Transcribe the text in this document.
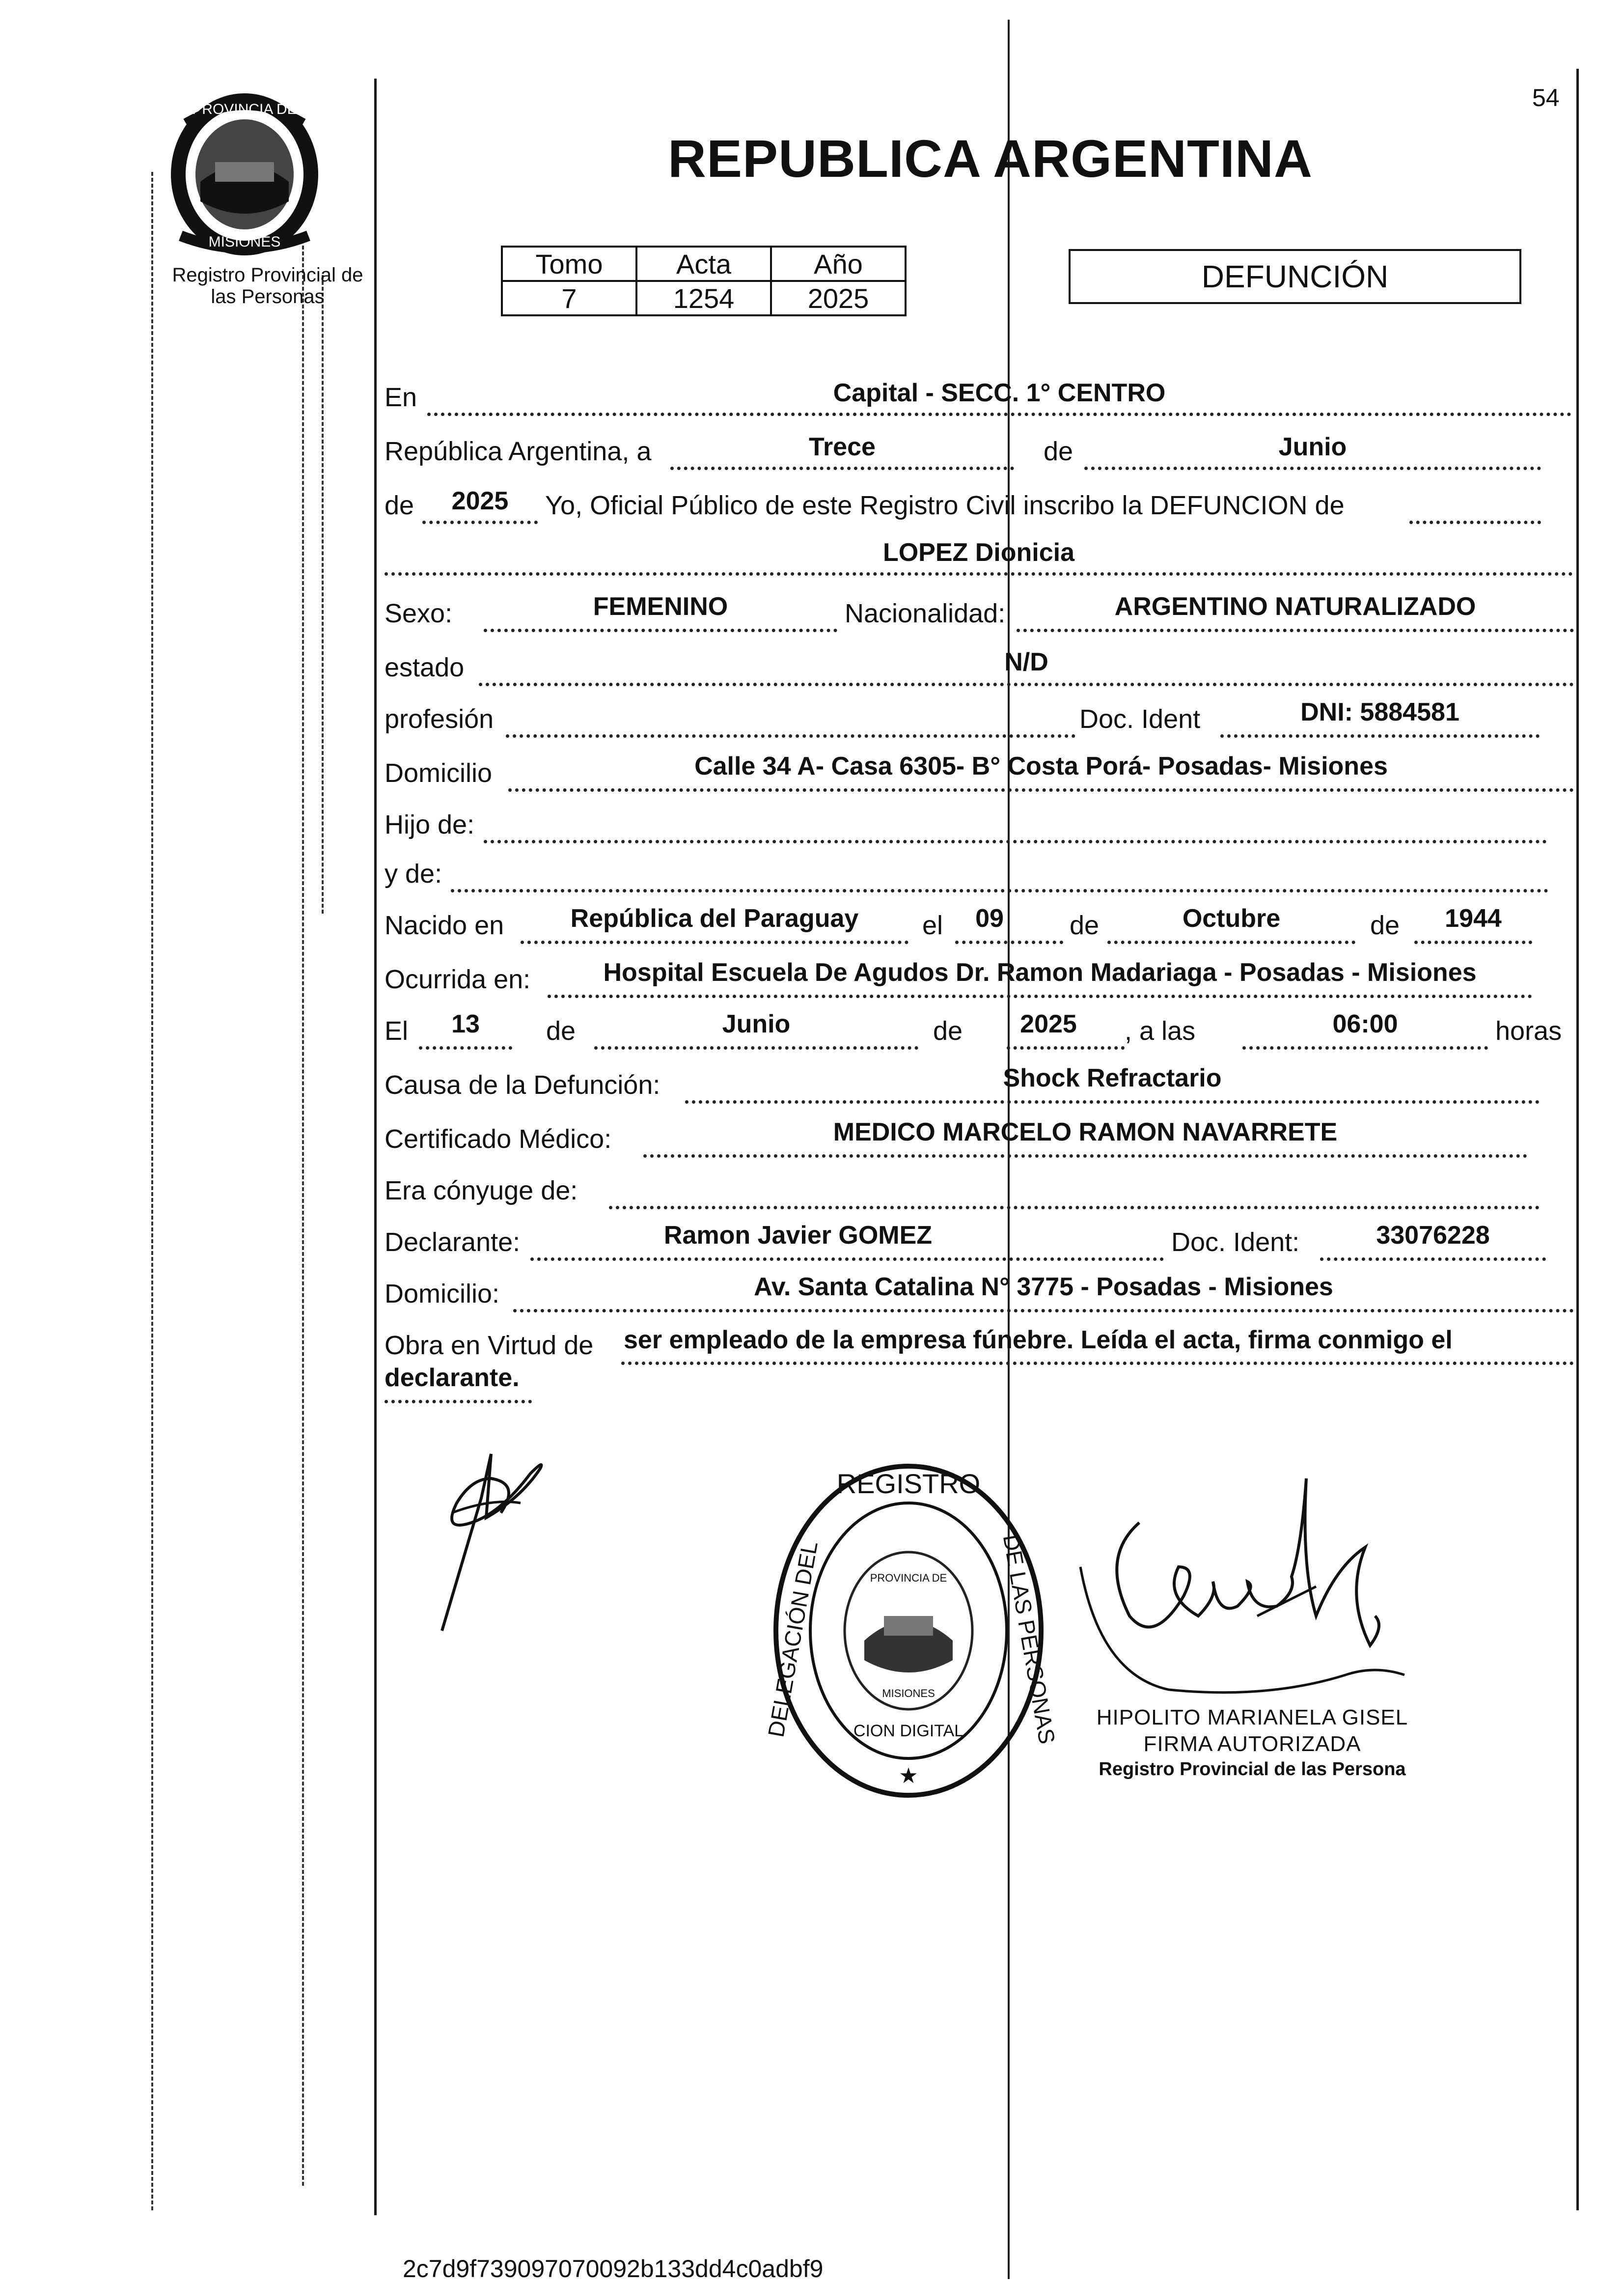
PROVINCIA DE
MISIONES
Registro Provincial de
las Personas
54
REPUBLICA ARGENTINA
Tomo	Acta	Año
7	1254	2025
DEFUNCIÓN
En	Capital - SECC. 1° CENTRO
República Argentina, a	Trece	de	Junio
de	2025	Yo, Oficial Público de este Registro Civil inscribo la DEFUNCION de
LOPEZ Dionicia
Sexo:	FEMENINO	Nacionalidad:	ARGENTINO NATURALIZADO
estado	N/D
profesión	Doc. Ident	DNI: 5884581
Domicilio	Calle 34 A- Casa 6305- B° Costa Porá- Posadas- Misiones
Hijo de:
y de:
Nacido en	República del Paraguay	el	09	de	Octubre	de	1944
Ocurrida en:	Hospital Escuela De Agudos Dr. Ramon Madariaga - Posadas - Misiones
El	13	de	Junio	de	2025	, a las	06:00	horas
Causa de la Defunción:	Shock Refractario
Certificado Médico:	MEDICO MARCELO RAMON NAVARRETE
Era cónyuge de:
Declarante:	Ramon Javier GOMEZ	Doc. Ident:	33076228
Domicilio:	Av. Santa Catalina N° 3775 - Posadas - Misiones
Obra en Virtud de ser empleado de la empresa fúnebre. Leída el acta, firma conmigo el
declarante.
REGISTRO
DELEGACIÓN DEL	DE LAS PERSONAS
CION DIGITAL
PROVINCIA DE
MISIONES
★
HIPOLITO MARIANELA GISEL
FIRMA AUTORIZADA
Registro Provincial de las Persona
2c7d9f739097070092b133dd4c0adbf9
